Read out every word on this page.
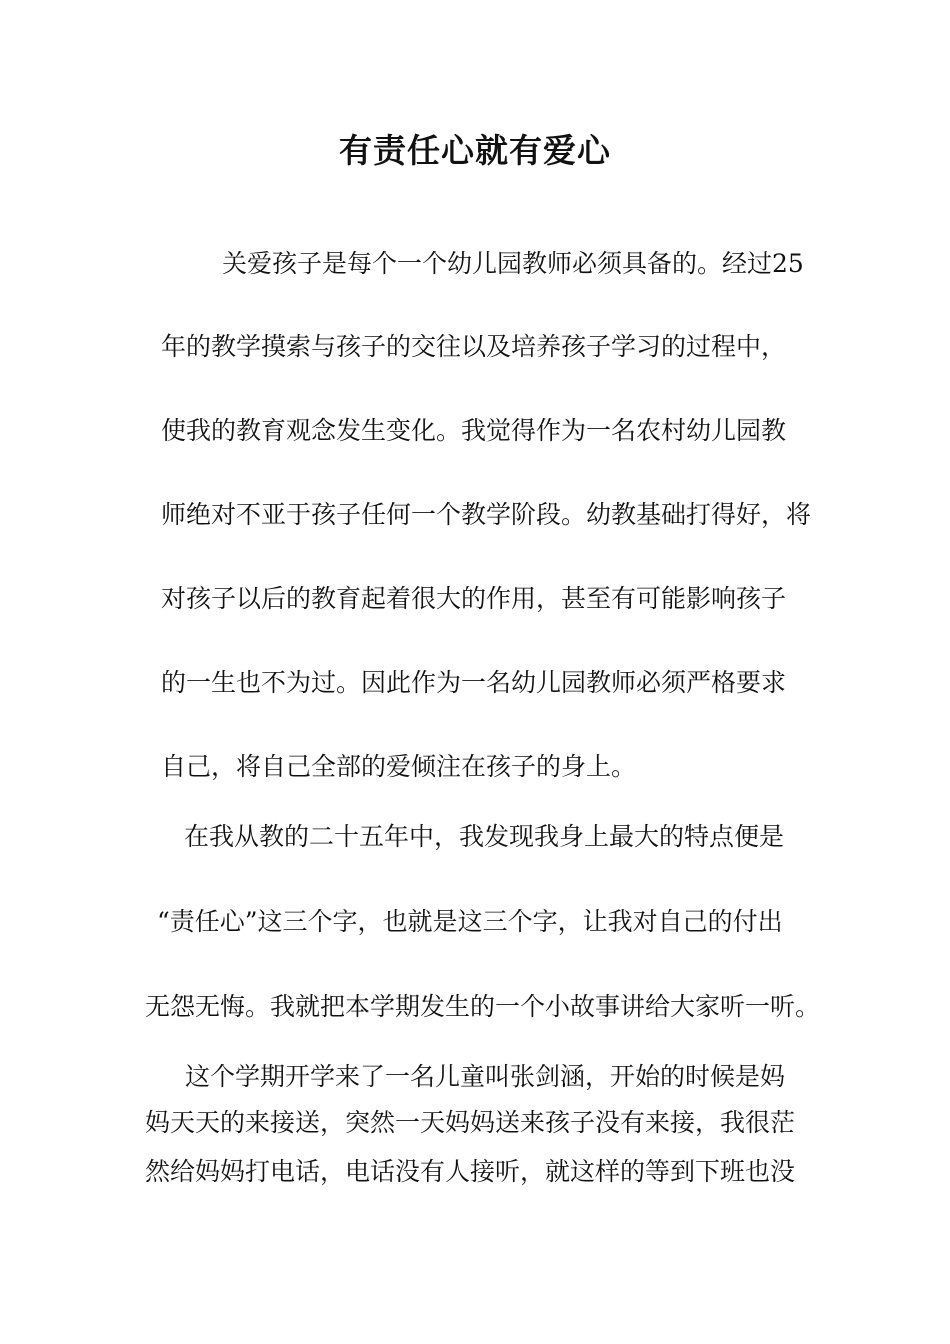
有责任心就有爱心
关爱孩子是每个一个幼儿园教师必须具备的。经过25
年的教学摸索与孩子的交往以及培养孩子学习的过程中，
使我的教育观念发生变化。我觉得作为一名农村幼儿园教
师绝对不亚于孩子任何一个教学阶段。幼教基础打得好，将
对孩子以后的教育起着很大的作用，甚至有可能影响孩子
的一生也不为过。因此作为一名幼儿园教师必须严格要求
自己，将自己全部的爱倾注在孩子的身上。
在我从教的二十五年中，我发现我身上最大的特点便是
“责任心”这三个字，也就是这三个字，让我对自己的付出
无怨无悔。我就把本学期发生的一个小故事讲给大家听一听。
这个学期开学来了一名儿童叫张剑涵，开始的时候是妈
妈天天的来接送，突然一天妈妈送来孩子没有来接，我很茫
然给妈妈打电话，电话没有人接听，就这样的等到下班也没
